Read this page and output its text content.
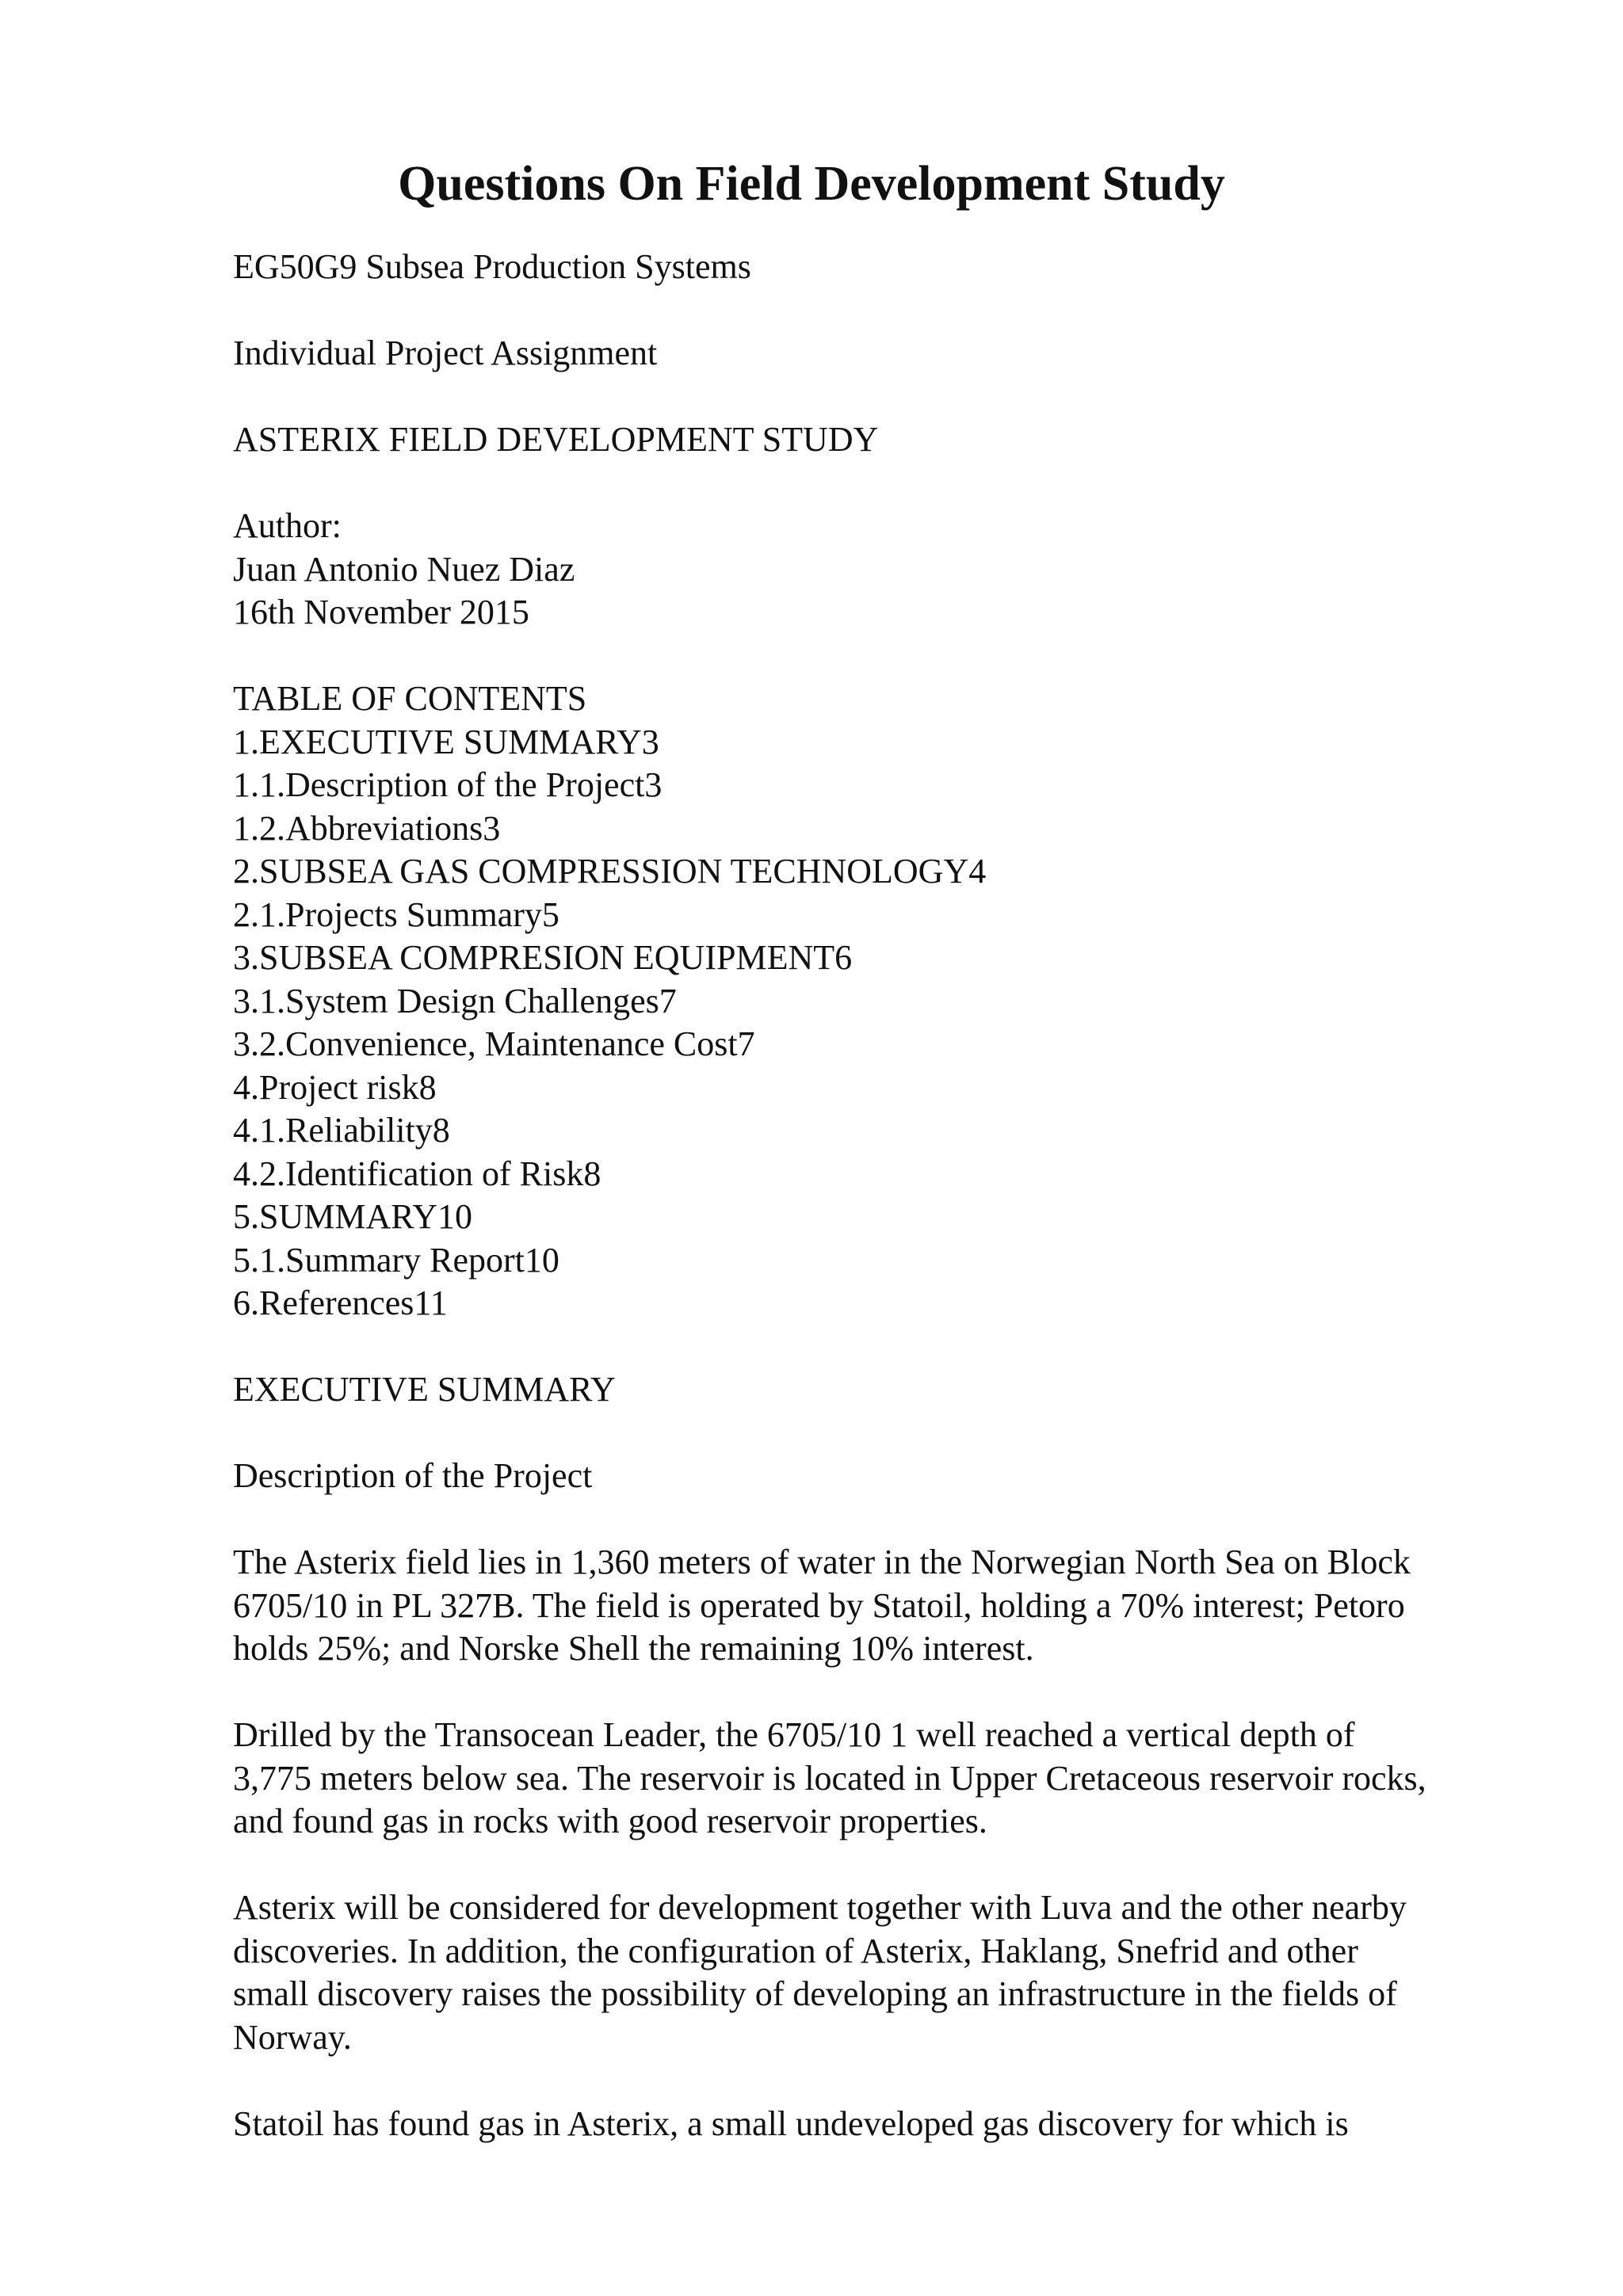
Questions On Field Development Study

EG50G9 Subsea Production Systems

Individual Project Assignment

ASTERIX FIELD DEVELOPMENT STUDY

Author:
Juan Antonio Nuez Diaz
16th November 2015

TABLE OF CONTENTS
1.EXECUTIVE SUMMARY3
1.1.Description of the Project3
1.2.Abbreviations3
2.SUBSEA GAS COMPRESSION TECHNOLOGY4
2.1.Projects Summary5
3.SUBSEA COMPRESION EQUIPMENT6
3.1.System Design Challenges7
3.2.Convenience, Maintenance Cost7
4.Project risk8
4.1.Reliability8
4.2.Identification of Risk8
5.SUMMARY10
5.1.Summary Report10
6.References11

EXECUTIVE SUMMARY

Description of the Project

The Asterix field lies in 1,360 meters of water in the Norwegian North Sea on Block
6705/10 in PL 327B. The field is operated by Statoil, holding a 70% interest; Petoro
holds 25%; and Norske Shell the remaining 10% interest.

Drilled by the Transocean Leader, the 6705/10 1 well reached a vertical depth of
3,775 meters below sea. The reservoir is located in Upper Cretaceous reservoir rocks,
and found gas in rocks with good reservoir properties.

Asterix will be considered for development together with Luva and the other nearby
discoveries. In addition, the configuration of Asterix, Haklang, Snefrid and other
small discovery raises the possibility of developing an infrastructure in the fields of
Norway.

Statoil has found gas in Asterix, a small undeveloped gas discovery for which is
